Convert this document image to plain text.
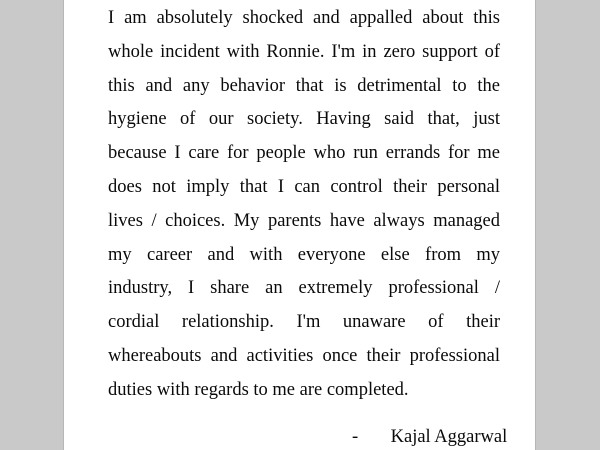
I am absolutely shocked and appalled about this
whole incident with Ronnie. I'm in zero support of
this and any behavior that is detrimental to the
hygiene of our society. Having said that, just
because I care for people who run errands for me
does not imply that I can control their personal
lives / choices. My parents have always managed
my career and with everyone else from my
industry, I share an extremely professional /
cordial relationship. I'm unaware of their
whereabouts and activities once their professional
duties with regards to me are completed.
- Kajal Aggarwal
